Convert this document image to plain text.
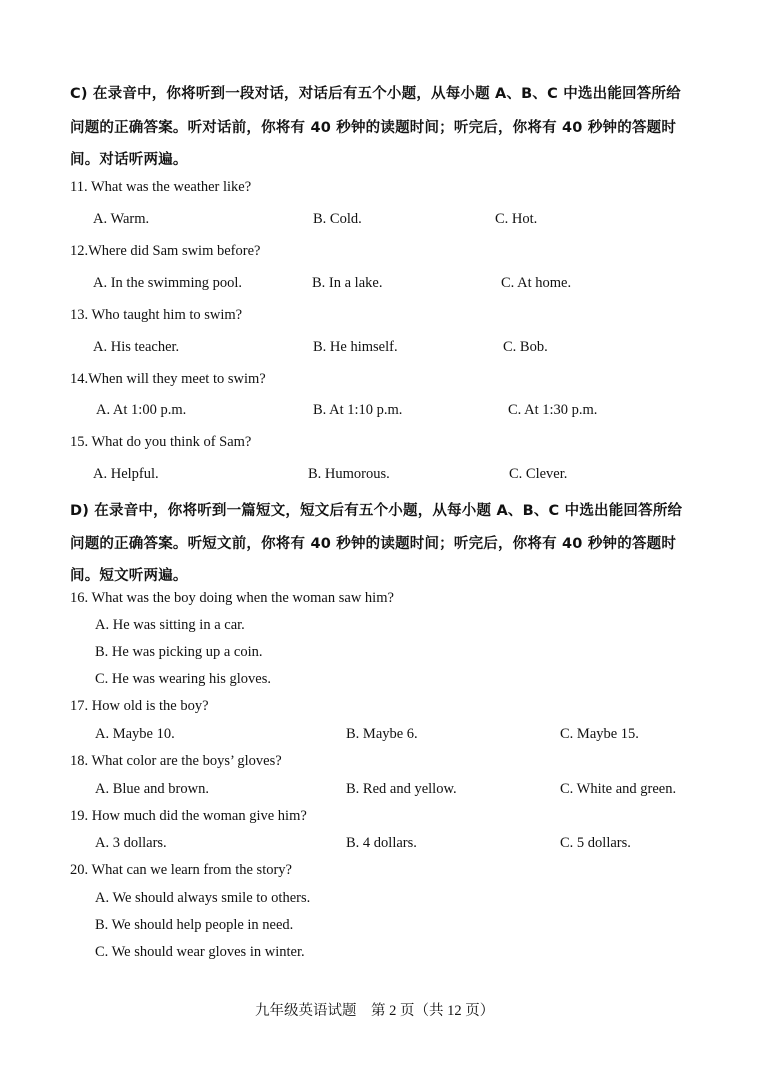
C) 在录音中，你将听到一段对话，对话后有五个小题，从每小题 A、B、C 中选出能回答所给
问题的正确答案。听对话前，你将有 40 秒钟的读题时间；听完后，你将有 40 秒钟的答题时
间。对话听两遍。
11. What was the weather like?
A. Warm.	B. Cold.	C. Hot.
12.Where did Sam swim before?
A. In the swimming pool.	B. In a lake.	C. At home.
13. Who taught him to swim?
A. His teacher.	B. He himself.	C. Bob.
14.When will they meet to swim?
A. At 1:00 p.m.	B. At 1:10 p.m.	C. At 1:30 p.m.
15. What do you think of Sam?
A. Helpful.	B. Humorous.	C. Clever.
D) 在录音中，你将听到一篇短文，短文后有五个小题，从每小题 A、B、C 中选出能回答所给
问题的正确答案。听短文前，你将有 40 秒钟的读题时间；听完后，你将有 40 秒钟的答题时
间。短文听两遍。
16. What was the boy doing when the woman saw him?
A. He was sitting in a car.
B. He was picking up a coin.
C. He was wearing his gloves.
17. How old is the boy?
A. Maybe 10.	B. Maybe 6.	C. Maybe 15.
18. What color are the boys’ gloves?
A. Blue and brown.	B. Red and yellow.	C. White and green.
19. How much did the woman give him?
A. 3 dollars.	B. 4 dollars.	C. 5 dollars.
20. What can we learn from the story?
A. We should always smile to others.
B. We should help people in need.
C. We should wear gloves in winter.
九年级英语试题　第 2 页（共 12 页）
